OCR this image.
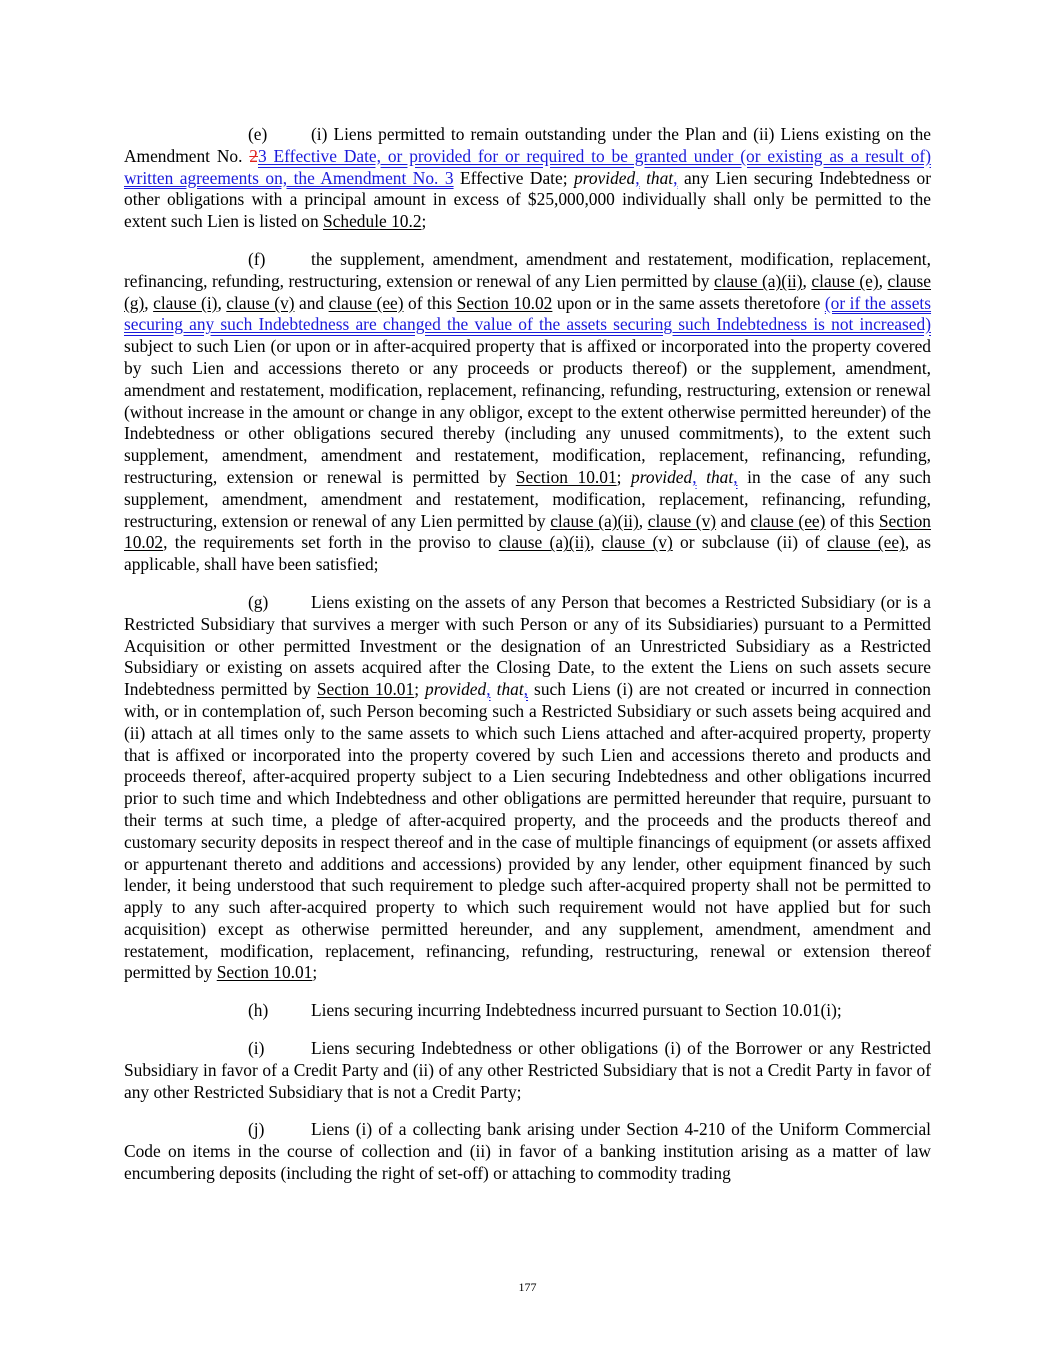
(e)	(i) Liens permitted to remain outstanding under the Plan and (ii) Liens existing on the Amendment No. 23 Effective Date, or provided for or required to be granted under (or existing as a result of) written agreements on, the Amendment No. 3 Effective Date; provided, that, any Lien securing Indebtedness or other obligations with a principal amount in excess of $25,000,000 individually shall only be permitted to the extent such Lien is listed on Schedule 10.2;

(f)	the supplement, amendment, amendment and restatement, modification, replacement, refinancing, refunding, restructuring, extension or renewal of any Lien permitted by clause (a)(ii), clause (e), clause (g), clause (i), clause (v) and clause (ee) of this Section 10.02 upon or in the same assets theretofore (or if the assets securing any such Indebtedness are changed the value of the assets securing such Indebtedness is not increased) subject to such Lien (or upon or in after-acquired property that is affixed or incorporated into the property covered by such Lien and accessions thereto or any proceeds or products thereof) or the supplement, amendment, amendment and restatement, modification, replacement, refinancing, refunding, restructuring, extension or renewal (without increase in the amount or change in any obligor, except to the extent otherwise permitted hereunder) of the Indebtedness or other obligations secured thereby (including any unused commitments), to the extent such supplement, amendment, amendment and restatement, modification, replacement, refinancing, refunding, restructuring, extension or renewal is permitted by Section 10.01; provided, that, in the case of any such supplement, amendment, amendment and restatement, modification, replacement, refinancing, refunding, restructuring, extension or renewal of any Lien permitted by clause (a)(ii), clause (v) and clause (ee) of this Section 10.02, the requirements set forth in the proviso to clause (a)(ii), clause (v) or subclause (ii) of clause (ee), as applicable, shall have been satisfied;

(g) Liens existing on the assets of any Person that becomes a Restricted Subsidiary (or is a Restricted Subsidiary that survives a merger with such Person or any of its Subsidiaries) pursuant to a Permitted Acquisition or other permitted Investment or the designation of an Unrestricted Subsidiary as a Restricted Subsidiary or existing on assets acquired after the Closing Date, to the extent the Liens on such assets secure Indebtedness permitted by Section 10.01; provided, that, such Liens (i) are not created or incurred in connection with, or in contemplation of, such Person becoming such a Restricted Subsidiary or such assets being acquired and (ii) attach at all times only to the same assets to which such Liens attached and after-acquired property, property that is affixed or incorporated into the property covered by such Lien and accessions thereto and products and proceeds thereof, after-acquired property subject to a Lien securing Indebtedness and other obligations incurred prior to such time and which Indebtedness and other obligations are permitted hereunder that require, pursuant to their terms at such time, a pledge of after-acquired property, and the proceeds and the products thereof and customary security deposits in respect thereof and in the case of multiple financings of equipment (or assets affixed or appurtenant thereto and additions and accessions) provided by any lender, other equipment financed by such lender, it being understood that such requirement to pledge such after-acquired property shall not be permitted to apply to any such after-acquired property to which such requirement would not have applied but for such acquisition) except as otherwise permitted hereunder, and any supplement, amendment, amendment and restatement, modification, replacement, refinancing, refunding, restructuring, renewal or extension thereof permitted by Section 10.01;

(h) Liens securing incurring Indebtedness incurred pursuant to Section 10.01(i);

(i)	Liens securing Indebtedness or other obligations (i) of the Borrower or any Restricted Subsidiary in favor of a Credit Party and (ii) of any other Restricted Subsidiary that is not a Credit Party in favor of any other Restricted Subsidiary that is not a Credit Party;

(j)	Liens (i) of a collecting bank arising under Section 4-210 of the Uniform Commercial Code on items in the course of collection and (ii) in favor of a banking institution arising as a matter of law encumbering deposits (including the right of set-off) or attaching to commodity trading

177
